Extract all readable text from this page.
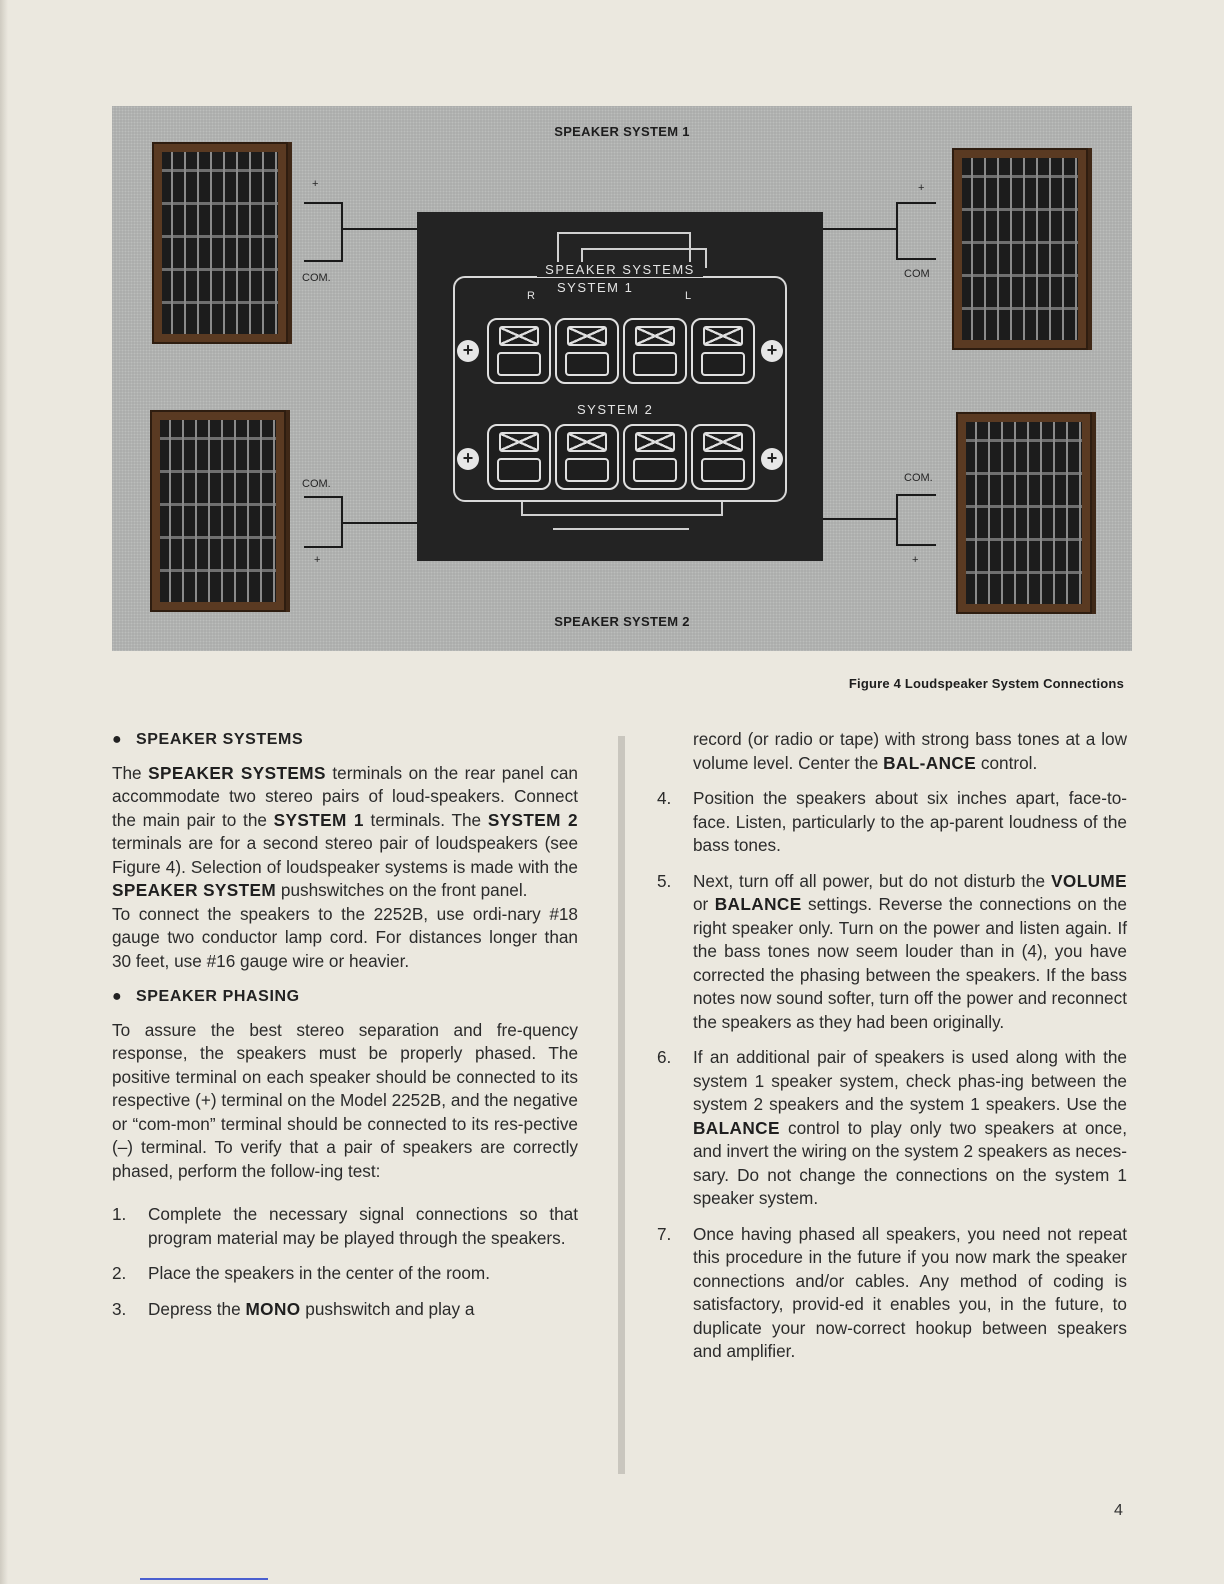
SPEAKER SYSTEM 1
SPEAKER SYSTEM 2
+
COM.
+
COM
COM.
+
COM.
+
SPEAKER SYSTEMS
SYSTEM 1
R	L
+	+
SYSTEM 2
+	+
Figure 4 Loudspeaker System Connections
● SPEAKER SYSTEMS

The SPEAKER SYSTEMS terminals on the rear panel can accommodate two stereo pairs of loud-speakers. Connect the main pair to the SYSTEM 1 terminals. The SYSTEM 2 terminals are for a second stereo pair of loudspeakers (see Figure 4). Selection of loudspeaker systems is made with the SPEAKER SYSTEM pushswitches on the front panel.

To connect the speakers to the 2252B, use ordi-nary #18 gauge two conductor lamp cord. For distances longer than 30 feet, use #16 gauge wire or heavier.

● SPEAKER PHASING

To assure the best stereo separation and fre-quency response, the speakers must be properly phased. The positive terminal on each speaker should be connected to its respective (+) terminal on the Model 2252B, and the negative or “com-mon” terminal should be connected to its res-pective (–) terminal. To verify that a pair of speakers are correctly phased, perform the follow-ing test:

1. Complete the necessary signal connections so that program material may be played through the speakers.
2. Place the speakers in the center of the room.
3. Depress the MONO pushswitch and play a
record (or radio or tape) with strong bass tones at a low volume level. Center the BAL-ANCE control.
4. Position the speakers about six inches apart, face-to-face. Listen, particularly to the ap-parent loudness of the bass tones.
5. Next, turn off all power, but do not disturb the VOLUME or BALANCE settings. Reverse the connections on the right speaker only. Turn on the power and listen again. If the bass tones now seem louder than in (4), you have corrected the phasing between the speakers. If the bass notes now sound softer, turn off the power and reconnect the speakers as they had been originally.
6. If an additional pair of speakers is used along with the system 1 speaker system, check phas-ing between the system 2 speakers and the system 1 speakers. Use the BALANCE control to play only two speakers at once, and invert the wiring on the system 2 speakers as neces-sary. Do not change the connections on the system 1 speaker system.
7. Once having phased all speakers, you need not repeat this procedure in the future if you now mark the speaker connections and/or cables. Any method of coding is satisfactory, provid-ed it enables you, in the future, to duplicate your now-correct hookup between speakers and amplifier.
4
